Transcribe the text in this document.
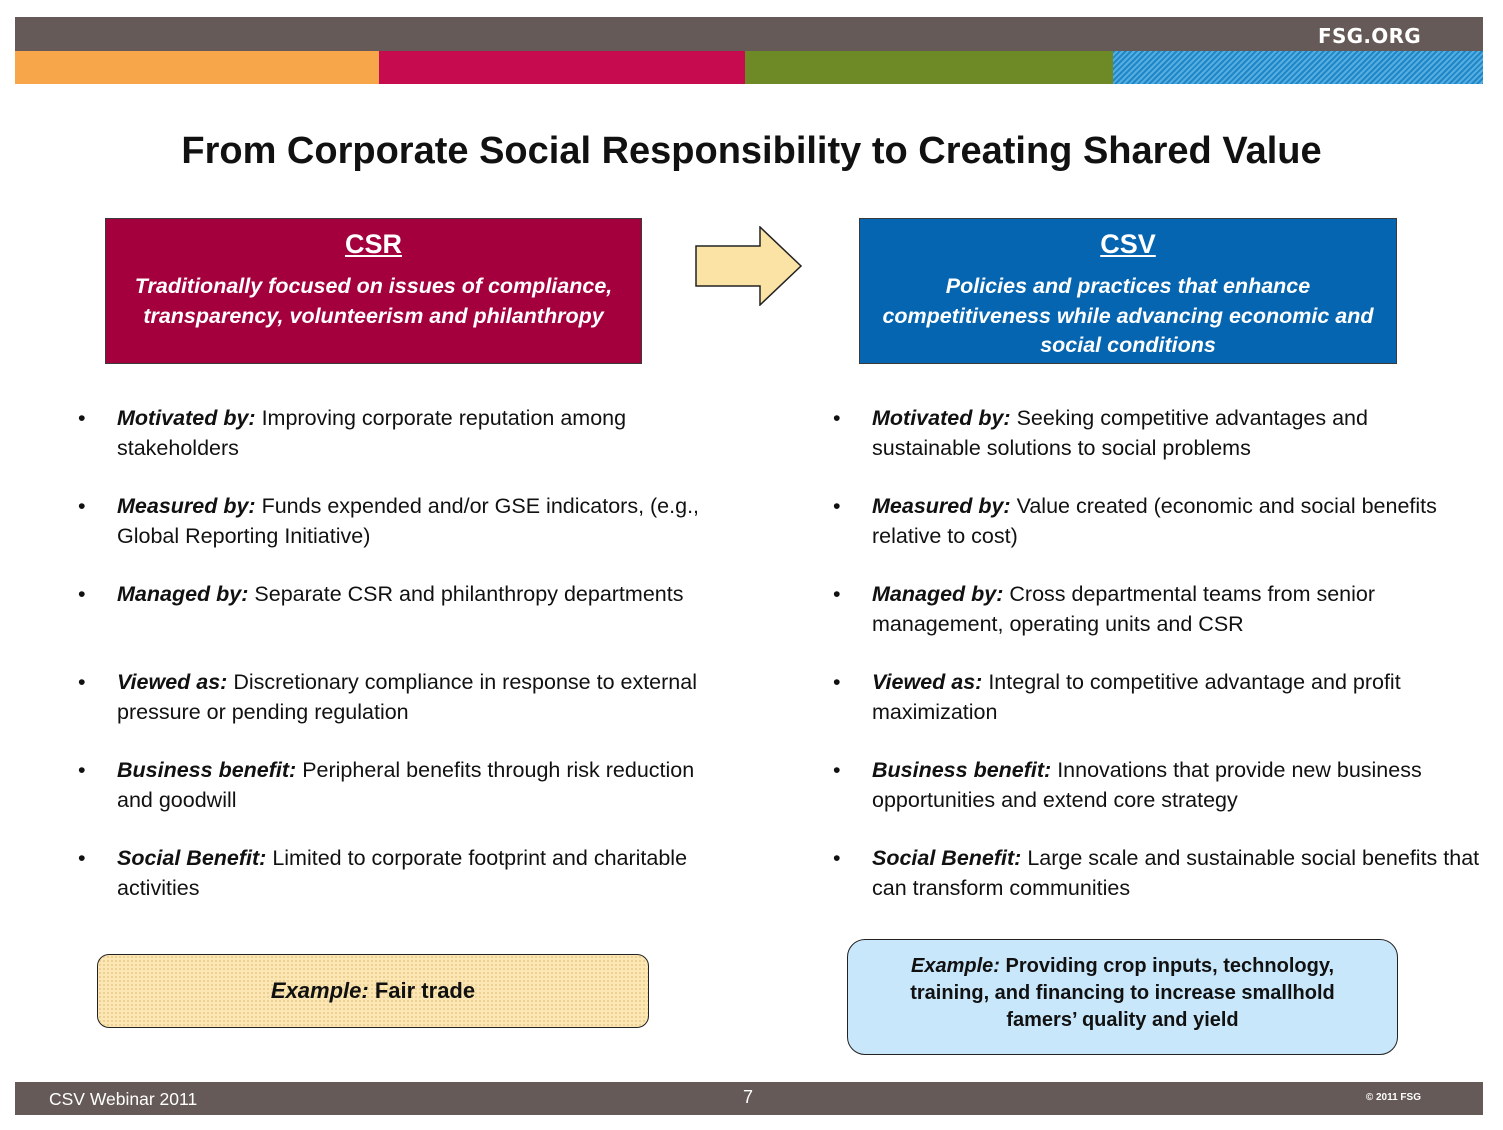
FSG.ORG
From Corporate Social Responsibility to Creating Shared Value
CSR
Traditionally focused on issues of compliance, transparency, volunteerism and philanthropy
CSV
Policies and practices that enhance competitiveness while advancing economic and social conditions
• Motivated by: Improving corporate reputation among stakeholders
• Measured by: Funds expended and/or GSE indicators, (e.g., Global Reporting Initiative)
• Managed by: Separate CSR and philanthropy departments
• Viewed as: Discretionary compliance in response to external pressure or pending regulation
• Business benefit: Peripheral benefits through risk reduction and goodwill
• Social Benefit: Limited to corporate footprint and charitable activities
• Motivated by: Seeking competitive advantages and sustainable solutions to social problems
• Measured by: Value created (economic and social benefits relative to cost)
• Managed by: Cross departmental teams from senior management, operating units and CSR
• Viewed as: Integral to competitive advantage and profit maximization
• Business benefit: Innovations that provide new business opportunities and extend core strategy
• Social Benefit: Large scale and sustainable social benefits that can transform communities
Example: Fair trade
Example: Providing crop inputs, technology, training, and financing to increase smallhold famers’ quality and yield
CSV Webinar 2011	7	© 2011 FSG
